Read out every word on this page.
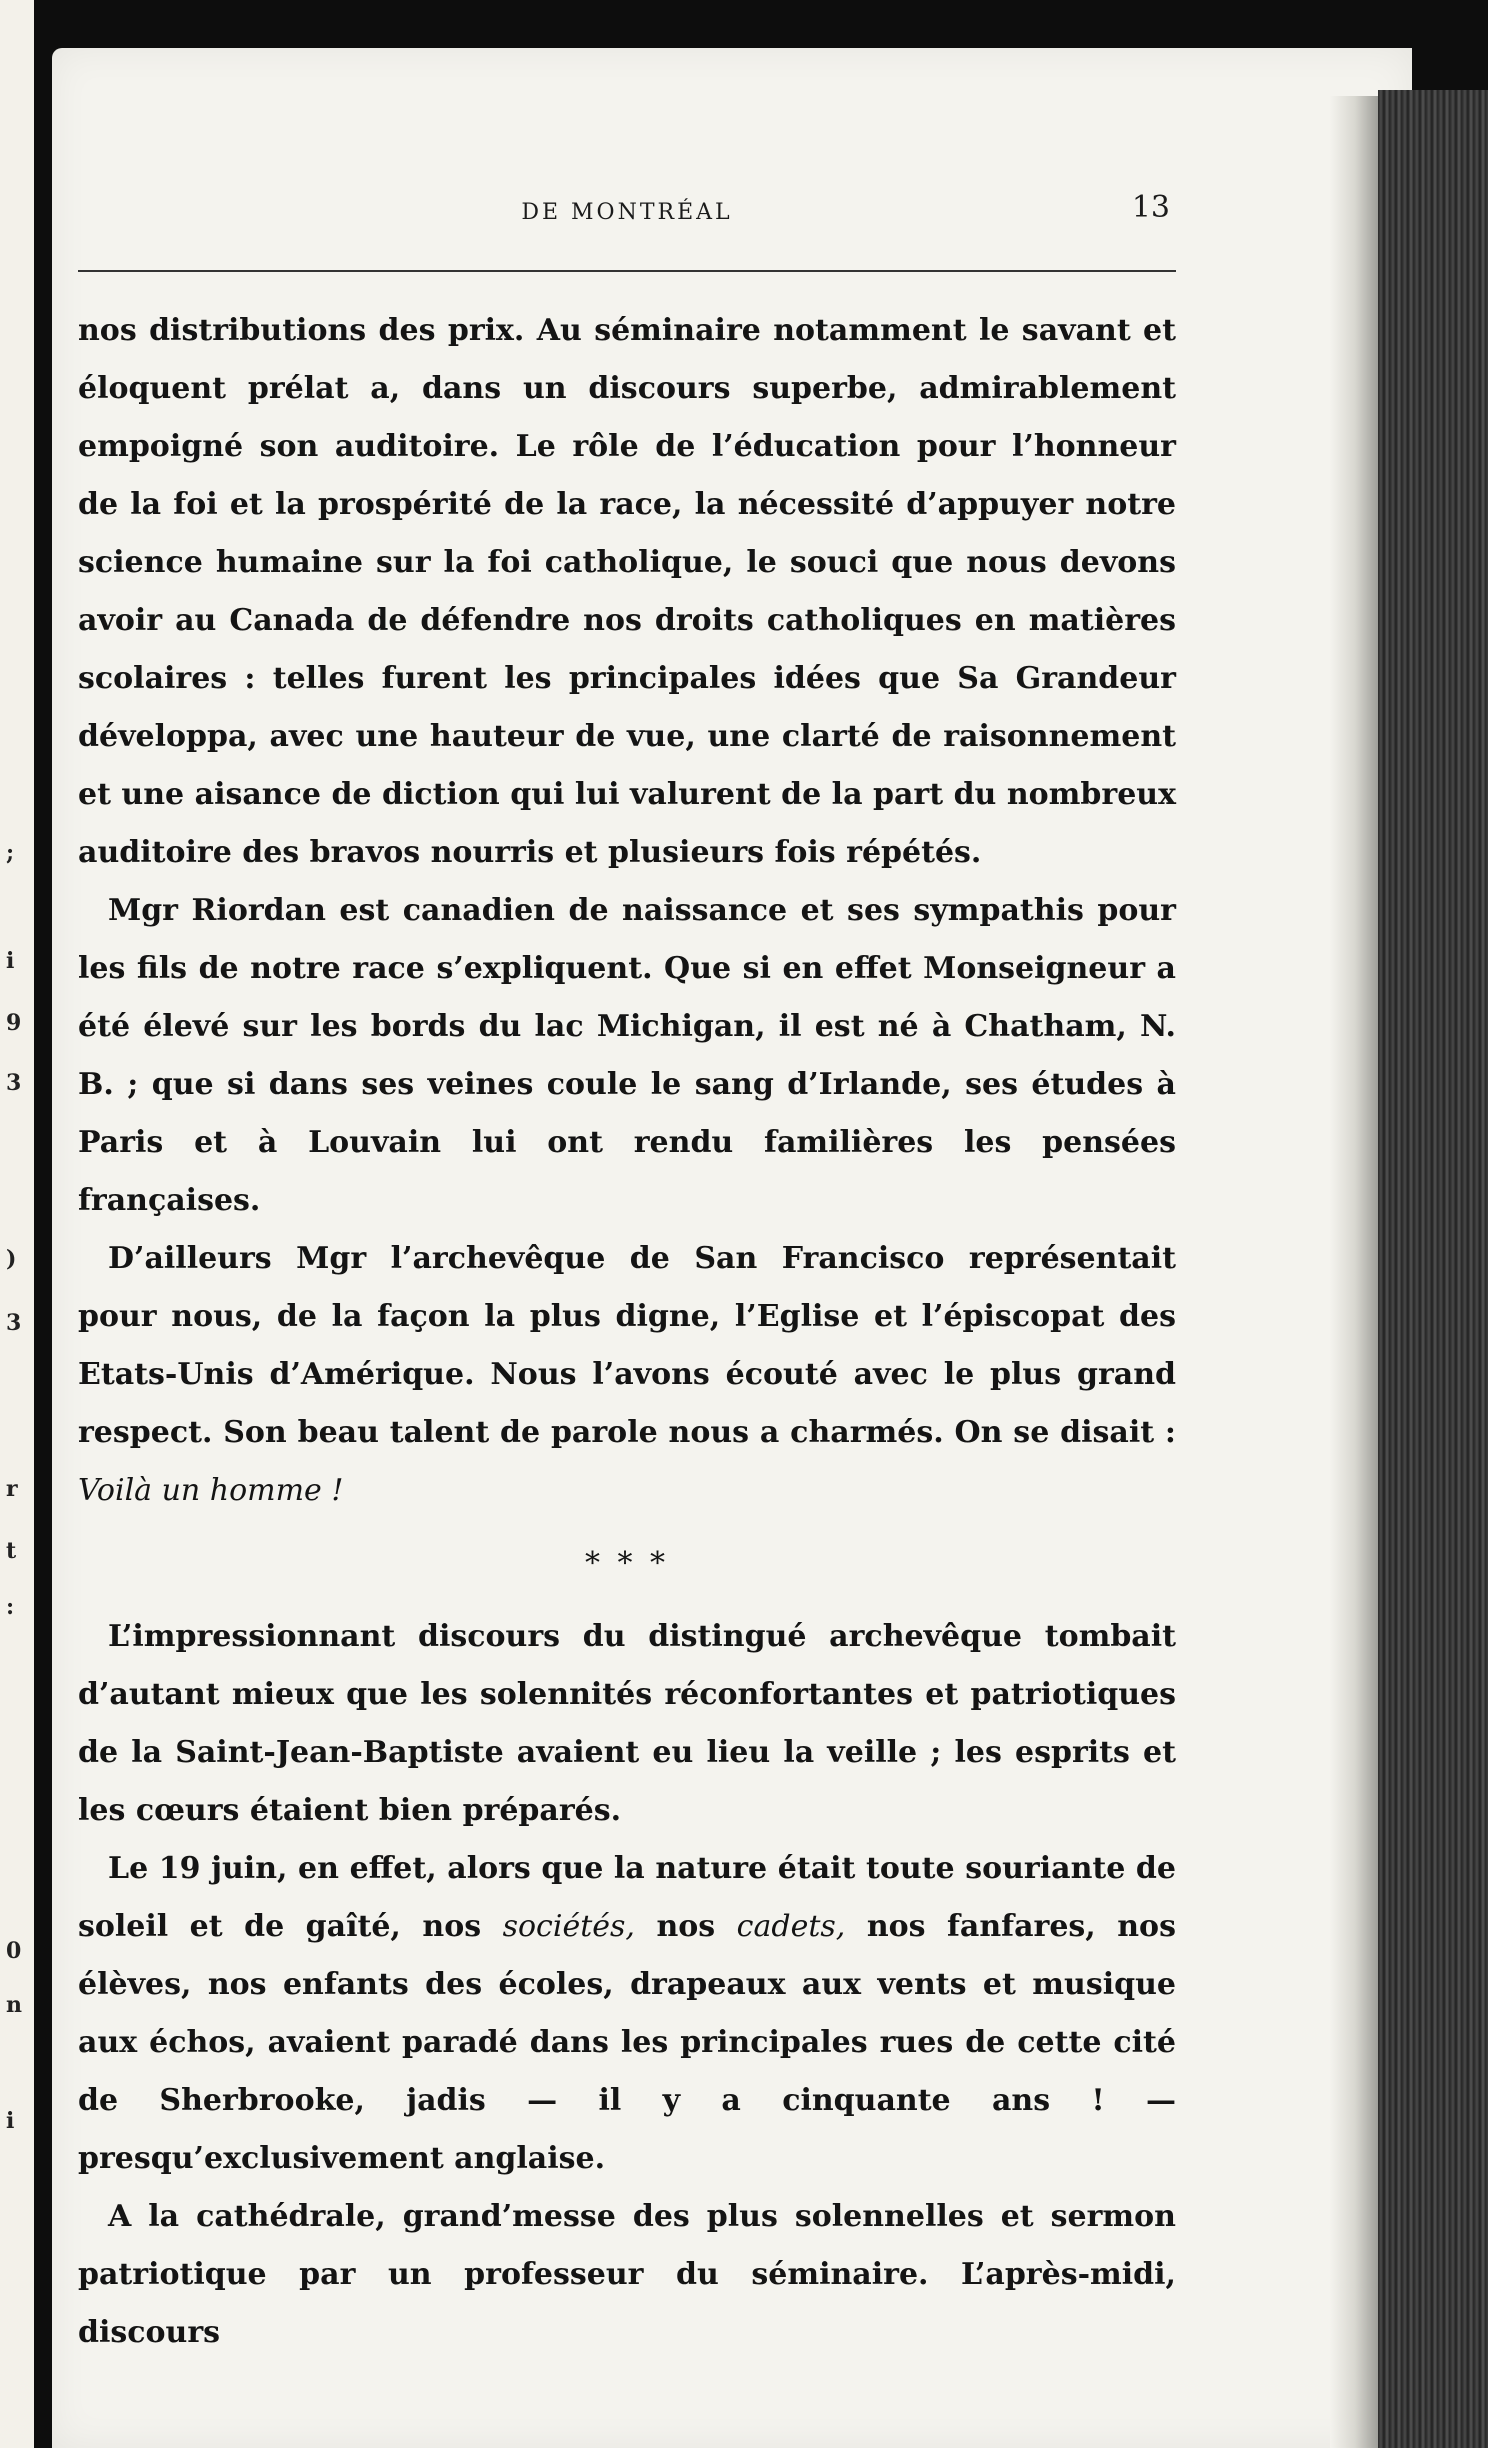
;
i
9
3
)
3
r
t
:
0
n
i
DE MONTRÉAL	13

nos distributions des prix. Au séminaire notamment le savant et éloquent prélat a, dans un discours superbe, admirablement empoigné son auditoire. Le rôle de l’éducation pour l’honneur de la foi et la prospérité de la race, la nécessité d’appuyer notre science humaine sur la foi catholique, le souci que nous devons avoir au Canada de défendre nos droits catholiques en matières scolaires : telles furent les principales idées que Sa Grandeur développa, avec une hauteur de vue, une clarté de raisonnement et une aisance de diction qui lui valurent de la part du nombreux auditoire des bravos nourris et plusieurs fois répétés.

Mgr Riordan est canadien de naissance et ses sympathis pour les fils de notre race s’expliquent. Que si en effet Monseigneur a été élevé sur les bords du lac Michigan, il est né à Chatham, N. B. ; que si dans ses veines coule le sang d’Irlande, ses études à Paris et à Louvain lui ont rendu familières les pensées françaises.

D’ailleurs Mgr l’archevêque de San Francisco représentait pour nous, de la façon la plus digne, l’Eglise et l’épiscopat des Etats-Unis d’Amérique. Nous l’avons écouté avec le plus grand respect. Son beau talent de parole nous a charmés. On se disait : Voilà un homme !

* * *

L’impressionnant discours du distingué archevêque tombait d’autant mieux que les solennités réconfortantes et patriotiques de la Saint-Jean-Baptiste avaient eu lieu la veille ; les esprits et les cœurs étaient bien préparés.

Le 19 juin, en effet, alors que la nature était toute souriante de soleil et de gaîté, nos sociétés, nos cadets, nos fanfares, nos élèves, nos enfants des écoles, drapeaux aux vents et musique aux échos, avaient paradé dans les principales rues de cette cité de Sherbrooke, jadis — il y a cinquante ans ! — presqu’exclusivement anglaise.

A la cathédrale, grand’messe des plus solennelles et sermon patriotique par un professeur du séminaire. L’après-midi, discours
